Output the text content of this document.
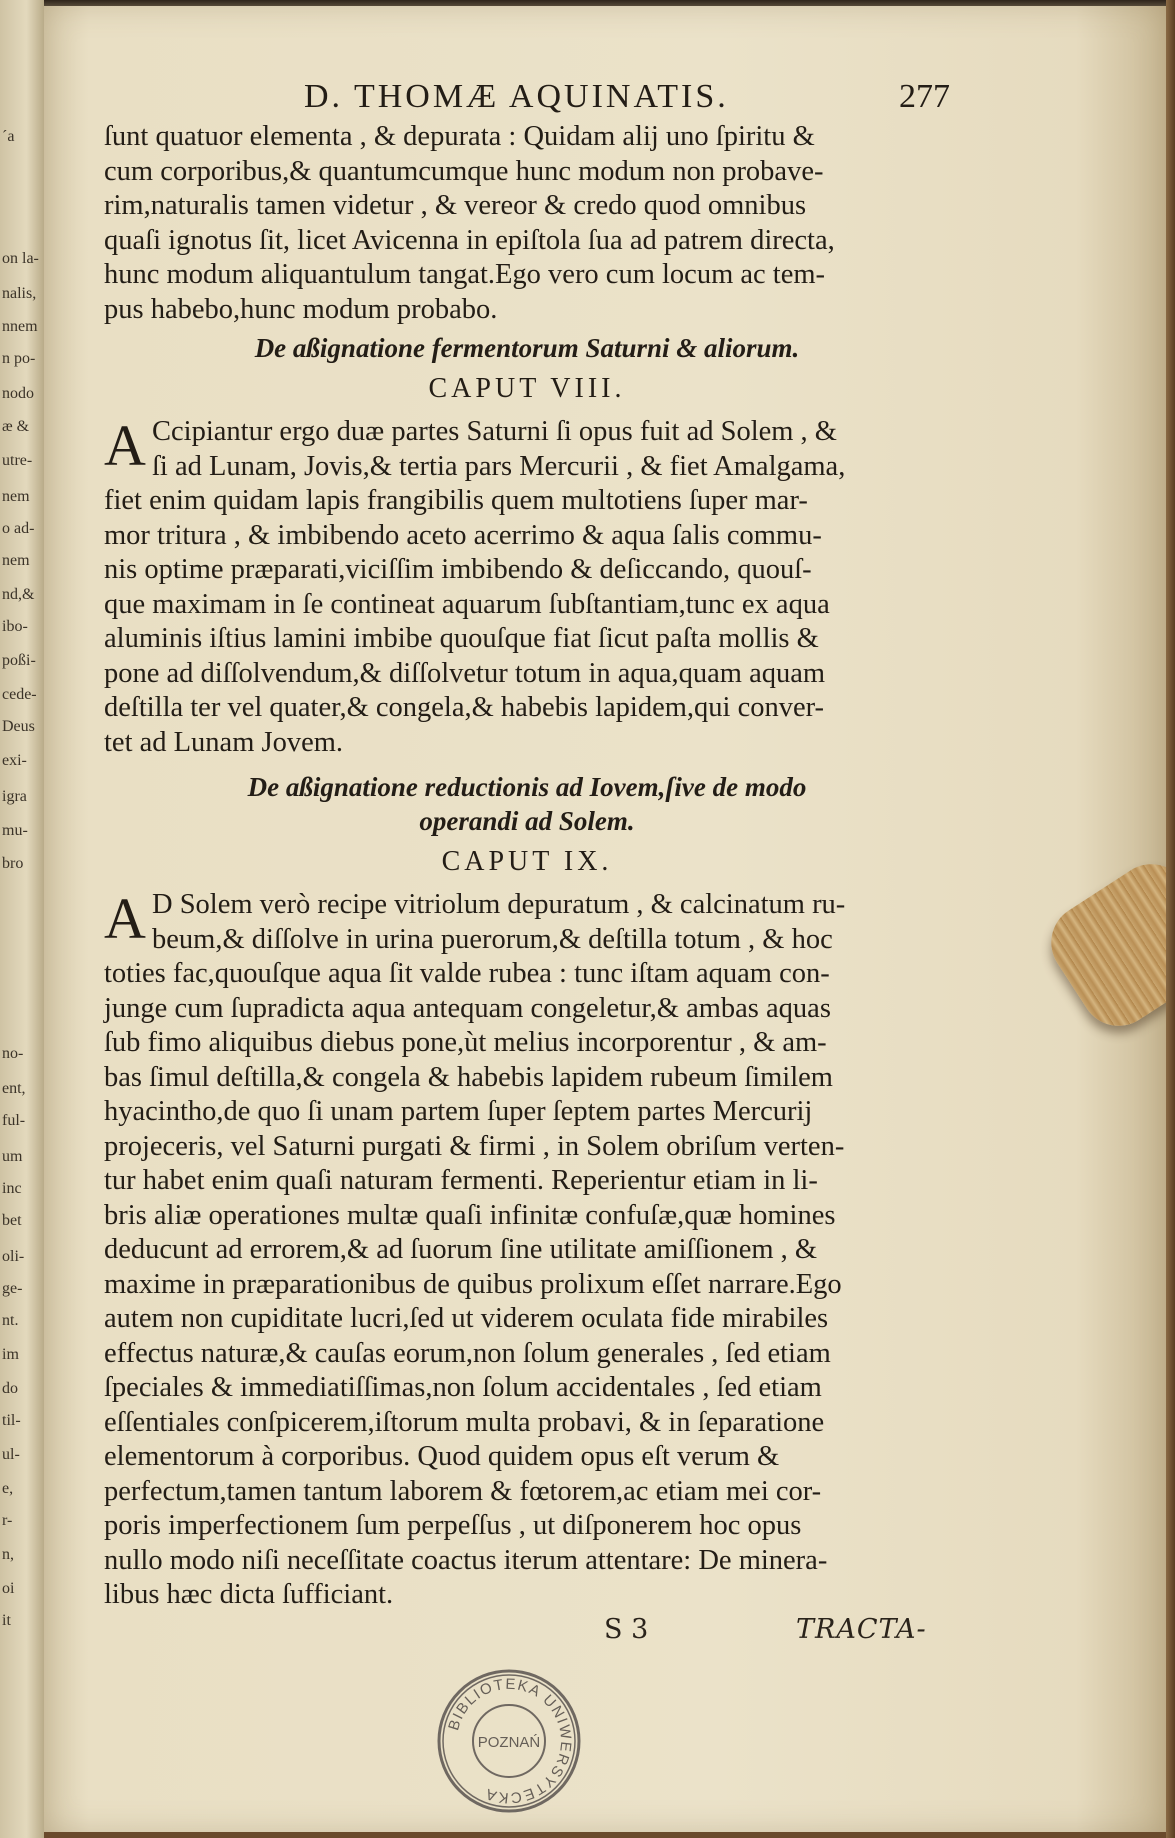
´a
on la-
nalis,
nnem
n po-
nodo
æ &
utre-
nem
o ad-
nem
nd,&
ibo-
poßi-
cede-
Deus
exi-
igra
mu-
bro
no-
ent,
ful-
um
inc
bet
oli-
ge-
nt.
im
do
til-
ul-
e,
r-
n,
oi
it
D. THOMÆ AQUINATIS.	277

ſunt quatuor elementa , & depurata : Quidam alij uno ſpiritu &
cum corporibus,& quantumcumque hunc modum non probave-
rim,naturalis tamen videtur , & vereor & credo quod omnibus
quaſi ignotus ſit, licet Avicenna in epiſtola ſua ad patrem directa,
hunc modum aliquantulum tangat.Ego vero cum locum ac tem-
pus habebo,hunc modum probabo.

De aßignatione fermentorum Saturni & aliorum.
CAPUT VIII.
A Ccipiantur ergo duæ partes Saturni ſi opus fuit ad Solem , &
ſi ad Lunam, Jovis,& tertia pars Mercurii , & fiet Amalgama,
fiet enim quidam lapis frangibilis quem multotiens ſuper mar-
mor tritura , & imbibendo aceto acerrimo & aqua ſalis commu-
nis optime præparati,viciſſim imbibendo & deſiccando, quouſ-
que maximam in ſe contineat aquarum ſubſtantiam,tunc ex aqua
aluminis iſtius lamini imbibe quouſque fiat ſicut paſta mollis &
pone ad diſſolvendum,& diſſolvetur totum in aqua,quam aquam
deſtilla ter vel quater,& congela,& habebis lapidem,qui conver-
tet ad Lunam Jovem.

De aßignatione reductionis ad Iovem,ſive de modo
operandi ad Solem.
CAPUT IX.
A D Solem verò recipe vitriolum depuratum , & calcinatum ru-
beum,& diſſolve in urina puerorum,& deſtilla totum , & hoc
toties fac,quouſque aqua ſit valde rubea : tunc iſtam aquam con-
junge cum ſupradicta aqua antequam congeletur,& ambas aquas
ſub fimo aliquibus diebus pone,ùt melius incorporentur , & am-
bas ſimul deſtilla,& congela & habebis lapidem rubeum ſimilem
hyacintho,de quo ſi unam partem ſuper ſeptem partes Mercurij
projeceris, vel Saturni purgati & firmi , in Solem obriſum verten-
tur habet enim quaſi naturam fermenti. Reperientur etiam in li-
bris aliæ operationes multæ quaſi infinitæ confuſæ,quæ homines
deducunt ad errorem,& ad ſuorum ſine utilitate amiſſionem , &
maxime in præparationibus de quibus prolixum eſſet narrare.Ego
autem non cupiditate lucri,ſed ut viderem oculata fide mirabiles
effectus naturæ,& cauſas eorum,non ſolum generales , ſed etiam
ſpeciales & immediatiſſimas,non ſolum accidentales , ſed etiam
eſſentiales conſpicerem,iſtorum multa probavi, & in ſeparatione
elementorum à corporibus. Quod quidem opus eſt verum &
perfectum,tamen tantum laborem & fœtorem,ac etiam mei cor-
poris imperfectionem ſum perpeſſus , ut diſponerem hoc opus
nullo modo niſi neceſſitate coactus iterum attentare: De minera-
libus hæc dicta ſufficiant.

S 3	TRACTA-
BIBLIOTEKA UNIWERSYTECKA
POZNAŃ
